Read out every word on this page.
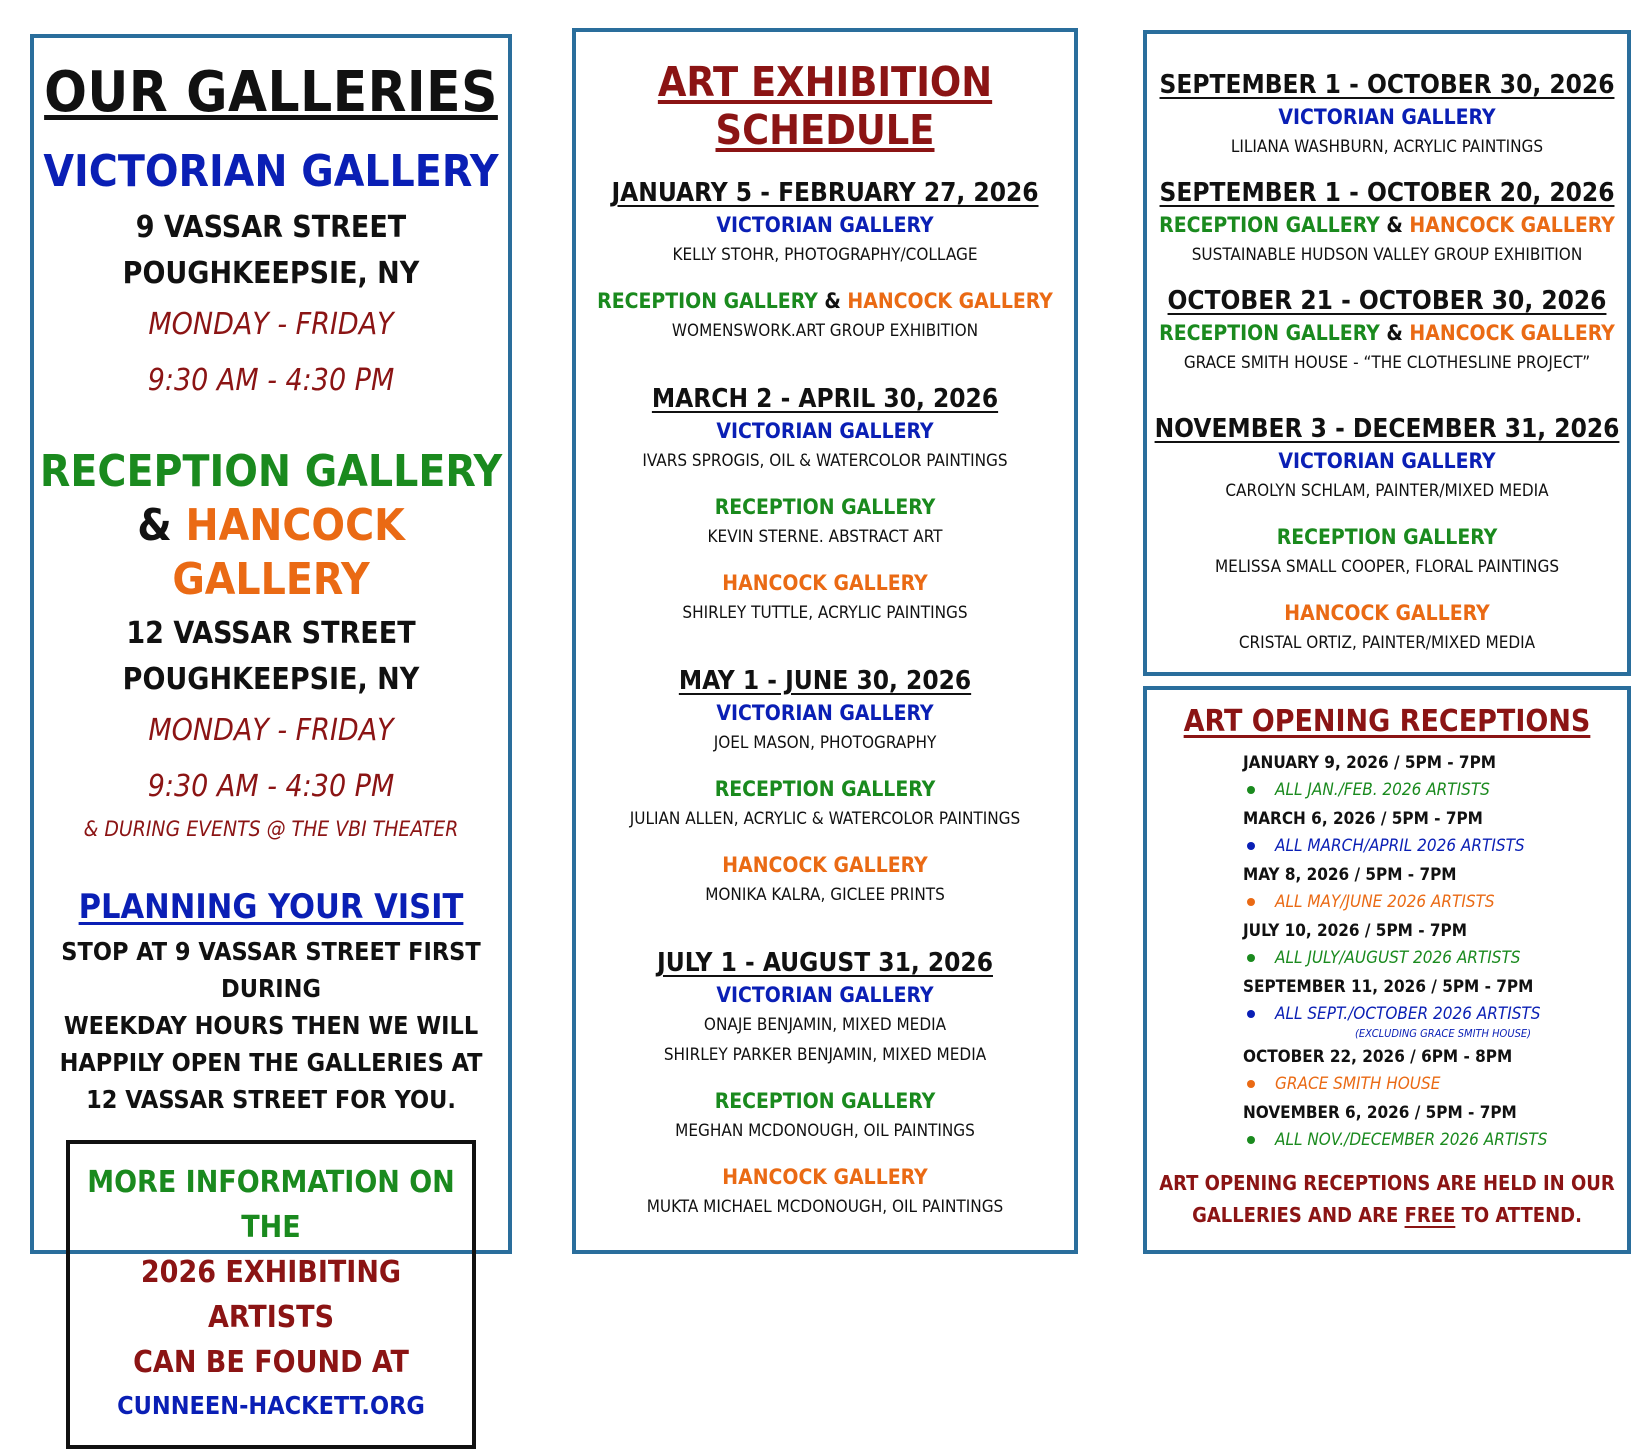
OUR GALLERIES
VICTORIAN GALLERY
9 VASSAR STREET
POUGHKEEPSIE, NY
MONDAY - FRIDAY
9:30 AM - 4:30 PM
RECEPTION GALLERY
& HANCOCK GALLERY
12 VASSAR STREET
POUGHKEEPSIE, NY
MONDAY - FRIDAY
9:30 AM - 4:30 PM
& DURING EVENTS @ THE VBI THEATER
PLANNING YOUR VISIT
STOP AT 9 VASSAR STREET FIRST DURING
WEEKDAY HOURS THEN WE WILL
HAPPILY OPEN THE GALLERIES AT
12 VASSAR STREET FOR YOU.
MORE INFORMATION ON THE
2026 EXHIBITING ARTISTS
CAN BE FOUND AT
CUNNEEN-HACKETT.ORG
ART EXHIBITION SCHEDULE
JANUARY 5 - FEBRUARY 27, 2026
VICTORIAN GALLERY
KELLY STOHR, PHOTOGRAPHY/COLLAGE
RECEPTION GALLERY & HANCOCK GALLERY
WOMENSWORK.ART GROUP EXHIBITION
MARCH 2 - APRIL 30, 2026
VICTORIAN GALLERY
IVARS SPROGIS, OIL & WATERCOLOR PAINTINGS
RECEPTION GALLERY
KEVIN STERNE. ABSTRACT ART
HANCOCK GALLERY
SHIRLEY TUTTLE, ACRYLIC PAINTINGS
MAY 1 - JUNE 30, 2026
VICTORIAN GALLERY
JOEL MASON, PHOTOGRAPHY
RECEPTION GALLERY
JULIAN ALLEN, ACRYLIC & WATERCOLOR PAINTINGS
HANCOCK GALLERY
MONIKA KALRA, GICLEE PRINTS
JULY 1 - AUGUST 31, 2026
VICTORIAN GALLERY
ONAJE BENJAMIN, MIXED MEDIA
SHIRLEY PARKER BENJAMIN, MIXED MEDIA
RECEPTION GALLERY
MEGHAN MCDONOUGH, OIL PAINTINGS
HANCOCK GALLERY
MUKTA MICHAEL MCDONOUGH, OIL PAINTINGS
SEPTEMBER 1 - OCTOBER 30, 2026
VICTORIAN GALLERY
LILIANA WASHBURN, ACRYLIC PAINTINGS
SEPTEMBER 1 - OCTOBER 20, 2026
RECEPTION GALLERY & HANCOCK GALLERY
SUSTAINABLE HUDSON VALLEY GROUP EXHIBITION
OCTOBER 21 - OCTOBER 30, 2026
RECEPTION GALLERY & HANCOCK GALLERY
GRACE SMITH HOUSE - “THE CLOTHESLINE PROJECT”
NOVEMBER 3 - DECEMBER 31, 2026
VICTORIAN GALLERY
CAROLYN SCHLAM, PAINTER/MIXED MEDIA
RECEPTION GALLERY
MELISSA SMALL COOPER, FLORAL PAINTINGS
HANCOCK GALLERY
CRISTAL ORTIZ, PAINTER/MIXED MEDIA
ART OPENING RECEPTIONS
JANUARY 9, 2026 / 5PM - 7PM
ALL JAN./FEB. 2026 ARTISTS
MARCH 6, 2026 / 5PM - 7PM
ALL MARCH/APRIL 2026 ARTISTS
MAY 8, 2026 / 5PM - 7PM
ALL MAY/JUNE 2026 ARTISTS
JULY 10, 2026 / 5PM - 7PM
ALL JULY/AUGUST 2026 ARTISTS
SEPTEMBER 11, 2026 / 5PM - 7PM
ALL SEPT./OCTOBER 2026 ARTISTS
(EXCLUDING GRACE SMITH HOUSE)
OCTOBER 22, 2026 / 6PM - 8PM
GRACE SMITH HOUSE
NOVEMBER 6, 2026 / 5PM - 7PM
ALL NOV./DECEMBER 2026 ARTISTS
ART OPENING RECEPTIONS ARE HELD IN OUR
GALLERIES AND ARE FREE TO ATTEND.
